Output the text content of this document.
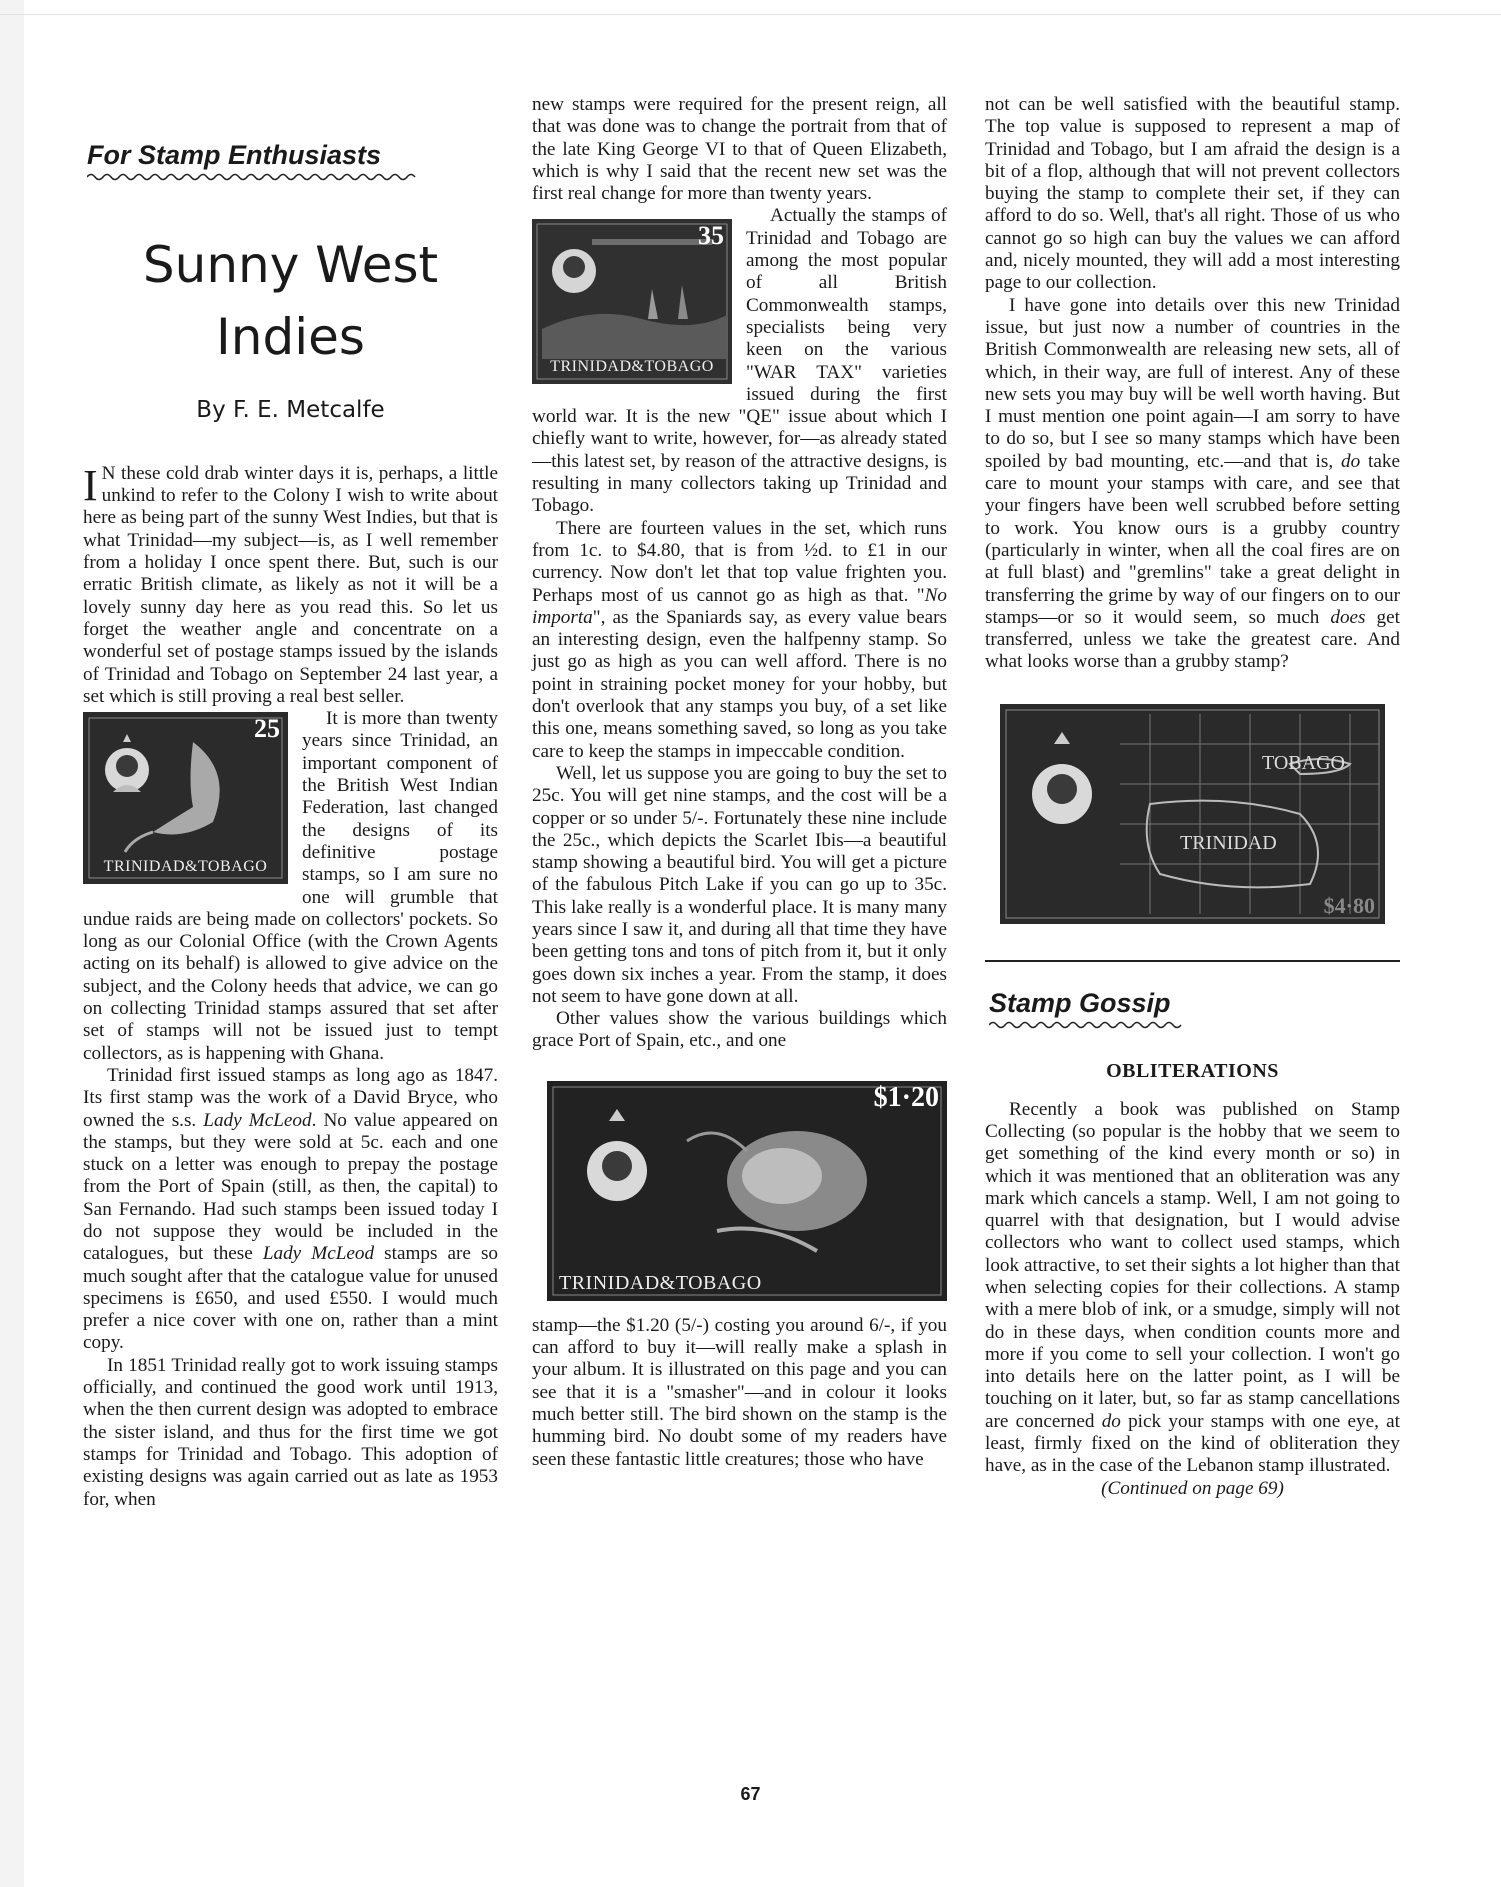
For Stamp Enthusiasts
Sunny West Indies
By F. E. Metcalfe

I N these cold drab winter days it is, perhaps, a little unkind to refer to the Colony I wish to write about here as being part of the sunny West Indies, but that is what Trinidad—my subject—is, as I well remember from a holiday I once spent there. But, such is our erratic British climate, as likely as not it will be a lovely sunny day here as you read this. So let us forget the weather angle and concentrate on a wonderful set of postage stamps issued by the islands of Trinidad and Tobago on September 24 last year, a set which is still proving a real best seller.

25
TRINIDAD&TOBAGO

It is more than twenty years since Trinidad, an important component of the British West Indian Federation, last changed the designs of its definitive postage stamps, so I am sure no one will grumble that undue raids are being made on collectors' pockets. So long as our Colonial Office (with the Crown Agents acting on its behalf) is allowed to give advice on the subject, and the Colony heeds that advice, we can go on collecting Trinidad stamps assured that set after set of stamps will not be issued just to tempt collectors, as is happening with Ghana.

Trinidad first issued stamps as long ago as 1847. Its first stamp was the work of a David Bryce, who owned the s.s. Lady McLeod. No value appeared on the stamps, but they were sold at 5c. each and one stuck on a letter was enough to prepay the postage from the Port of Spain (still, as then, the capital) to San Fernando. Had such stamps been issued today I do not suppose they would be included in the catalogues, but these Lady McLeod stamps are so much sought after that the catalogue value for unused specimens is £650, and used £550. I would much prefer a nice cover with one on, rather than a mint copy.

In 1851 Trinidad really got to work issuing stamps officially, and continued the good work until 1913, when the then current design was adopted to embrace the sister island, and thus for the first time we got stamps for Trinidad and Tobago. This adoption of existing designs was again carried out as late as 1953 for, when

new stamps were required for the present reign, all that was done was to change the portrait from that of the late King George VI to that of Queen Elizabeth, which is why I said that the recent new set was the first real change for more than twenty years.

35
TRINIDAD&TOBAGO

Actually the stamps of Trinidad and Tobago are among the most popular of all British Commonwealth stamps, specialists being very keen on the various "WAR TAX" varieties issued during the first world war. It is the new "QE" issue about which I chiefly want to write, however, for—as already stated—this latest set, by reason of the attractive designs, is resulting in many collectors taking up Trinidad and Tobago.

There are fourteen values in the set, which runs from 1c. to $4.80, that is from ½d. to £1 in our currency. Now don't let that top value frighten you. Perhaps most of us cannot go as high as that. "No importa", as the Spaniards say, as every value bears an interesting design, even the halfpenny stamp. So just go as high as you can well afford. There is no point in straining pocket money for your hobby, but don't overlook that any stamps you buy, of a set like this one, means something saved, so long as you take care to keep the stamps in impeccable condition.

Well, let us suppose you are going to buy the set to 25c. You will get nine stamps, and the cost will be a copper or so under 5/-. Fortunately these nine include the 25c., which depicts the Scarlet Ibis—a beautiful stamp showing a beautiful bird. You will get a picture of the fabulous Pitch Lake if you can go up to 35c. This lake really is a wonderful place. It is many many years since I saw it, and during all that time they have been getting tons and tons of pitch from it, but it only goes down six inches a year. From the stamp, it does not seem to have gone down at all.

Other values show the various buildings which grace Port of Spain, etc., and one

$1·20
TRINIDAD&TOBAGO

stamp—the $1.20 (5/-) costing you around 6/-, if you can afford to buy it—will really make a splash in your album. It is illustrated on this page and you can see that it is a "smasher"—and in colour it looks much better still. The bird shown on the stamp is the humming bird. No doubt some of my readers have seen these fantastic little creatures; those who have

not can be well satisfied with the beautiful stamp. The top value is supposed to represent a map of Trinidad and Tobago, but I am afraid the design is a bit of a flop, although that will not prevent collectors buying the stamp to complete their set, if they can afford to do so. Well, that's all right. Those of us who cannot go so high can buy the values we can afford and, nicely mounted, they will add a most interesting page to our collection.

I have gone into details over this new Trinidad issue, but just now a number of countries in the British Commonwealth are releasing new sets, all of which, in their way, are full of interest. Any of these new sets you may buy will be well worth having. But I must mention one point again—I am sorry to have to do so, but I see so many stamps which have been spoiled by bad mounting, etc.—and that is, do take care to mount your stamps with care, and see that your fingers have been well scrubbed before setting to work. You know ours is a grubby country (particularly in winter, when all the coal fires are on at full blast) and "gremlins" take a great delight in transferring the grime by way of our fingers on to our stamps—or so it would seem, so much does get transferred, unless we take the greatest care. And what looks worse than a grubby stamp?

TOBAGO
TRINIDAD
$4·80
Stamp Gossip
OBLITERATIONS

Recently a book was published on Stamp Collecting (so popular is the hobby that we seem to get something of the kind every month or so) in which it was mentioned that an obliteration was any mark which cancels a stamp. Well, I am not going to quarrel with that designation, but I would advise collectors who want to collect used stamps, which look attractive, to set their sights a lot higher than that when selecting copies for their collections. A stamp with a mere blob of ink, or a smudge, simply will not do in these days, when condition counts more and more if you come to sell your collection. I won't go into details here on the latter point, as I will be touching on it later, but, so far as stamp cancellations are concerned do pick your stamps with one eye, at least, firmly fixed on the kind of obliteration they have, as in the case of the Lebanon stamp illustrated.

(Continued on page 69)
67
